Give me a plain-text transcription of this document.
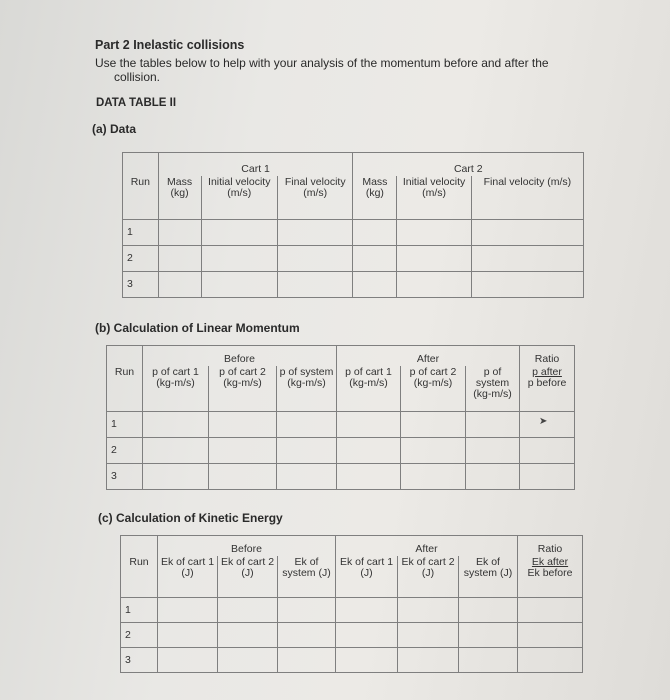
Part 2 Inelastic collisions
Use the tables below to help with your analysis of the momentum before and after the
collision.
DATA TABLE II
(a) Data
	Cart 1			Cart 2		
Run	Mass (kg)	Initial velocity (m/s)	Final velocity (m/s)	Mass (kg)	Initial velocity (m/s)	Final velocity (m/s)
1						
2						
3						
(b) Calculation of Linear Momentum
	Before			After			Ratio
Run	p of cart 1 (kg-m/s)	p of cart 2 (kg-m/s)	p of system (kg-m/s)	p of cart 1 (kg-m/s)	p of cart 2 (kg-m/s)	p of system (kg-m/s)	p after
p before

1							
2							
3							
➤
(c) Calculation of Kinetic Energy
	Before			After			Ratio
Run	Ek of cart 1 (J)	Ek of cart 2 (J)	Ek of system (J)	Ek of cart 1 (J)	Ek of cart 2 (J)	Ek of system (J)	Ek after
Ek before

1							
2							
3							
